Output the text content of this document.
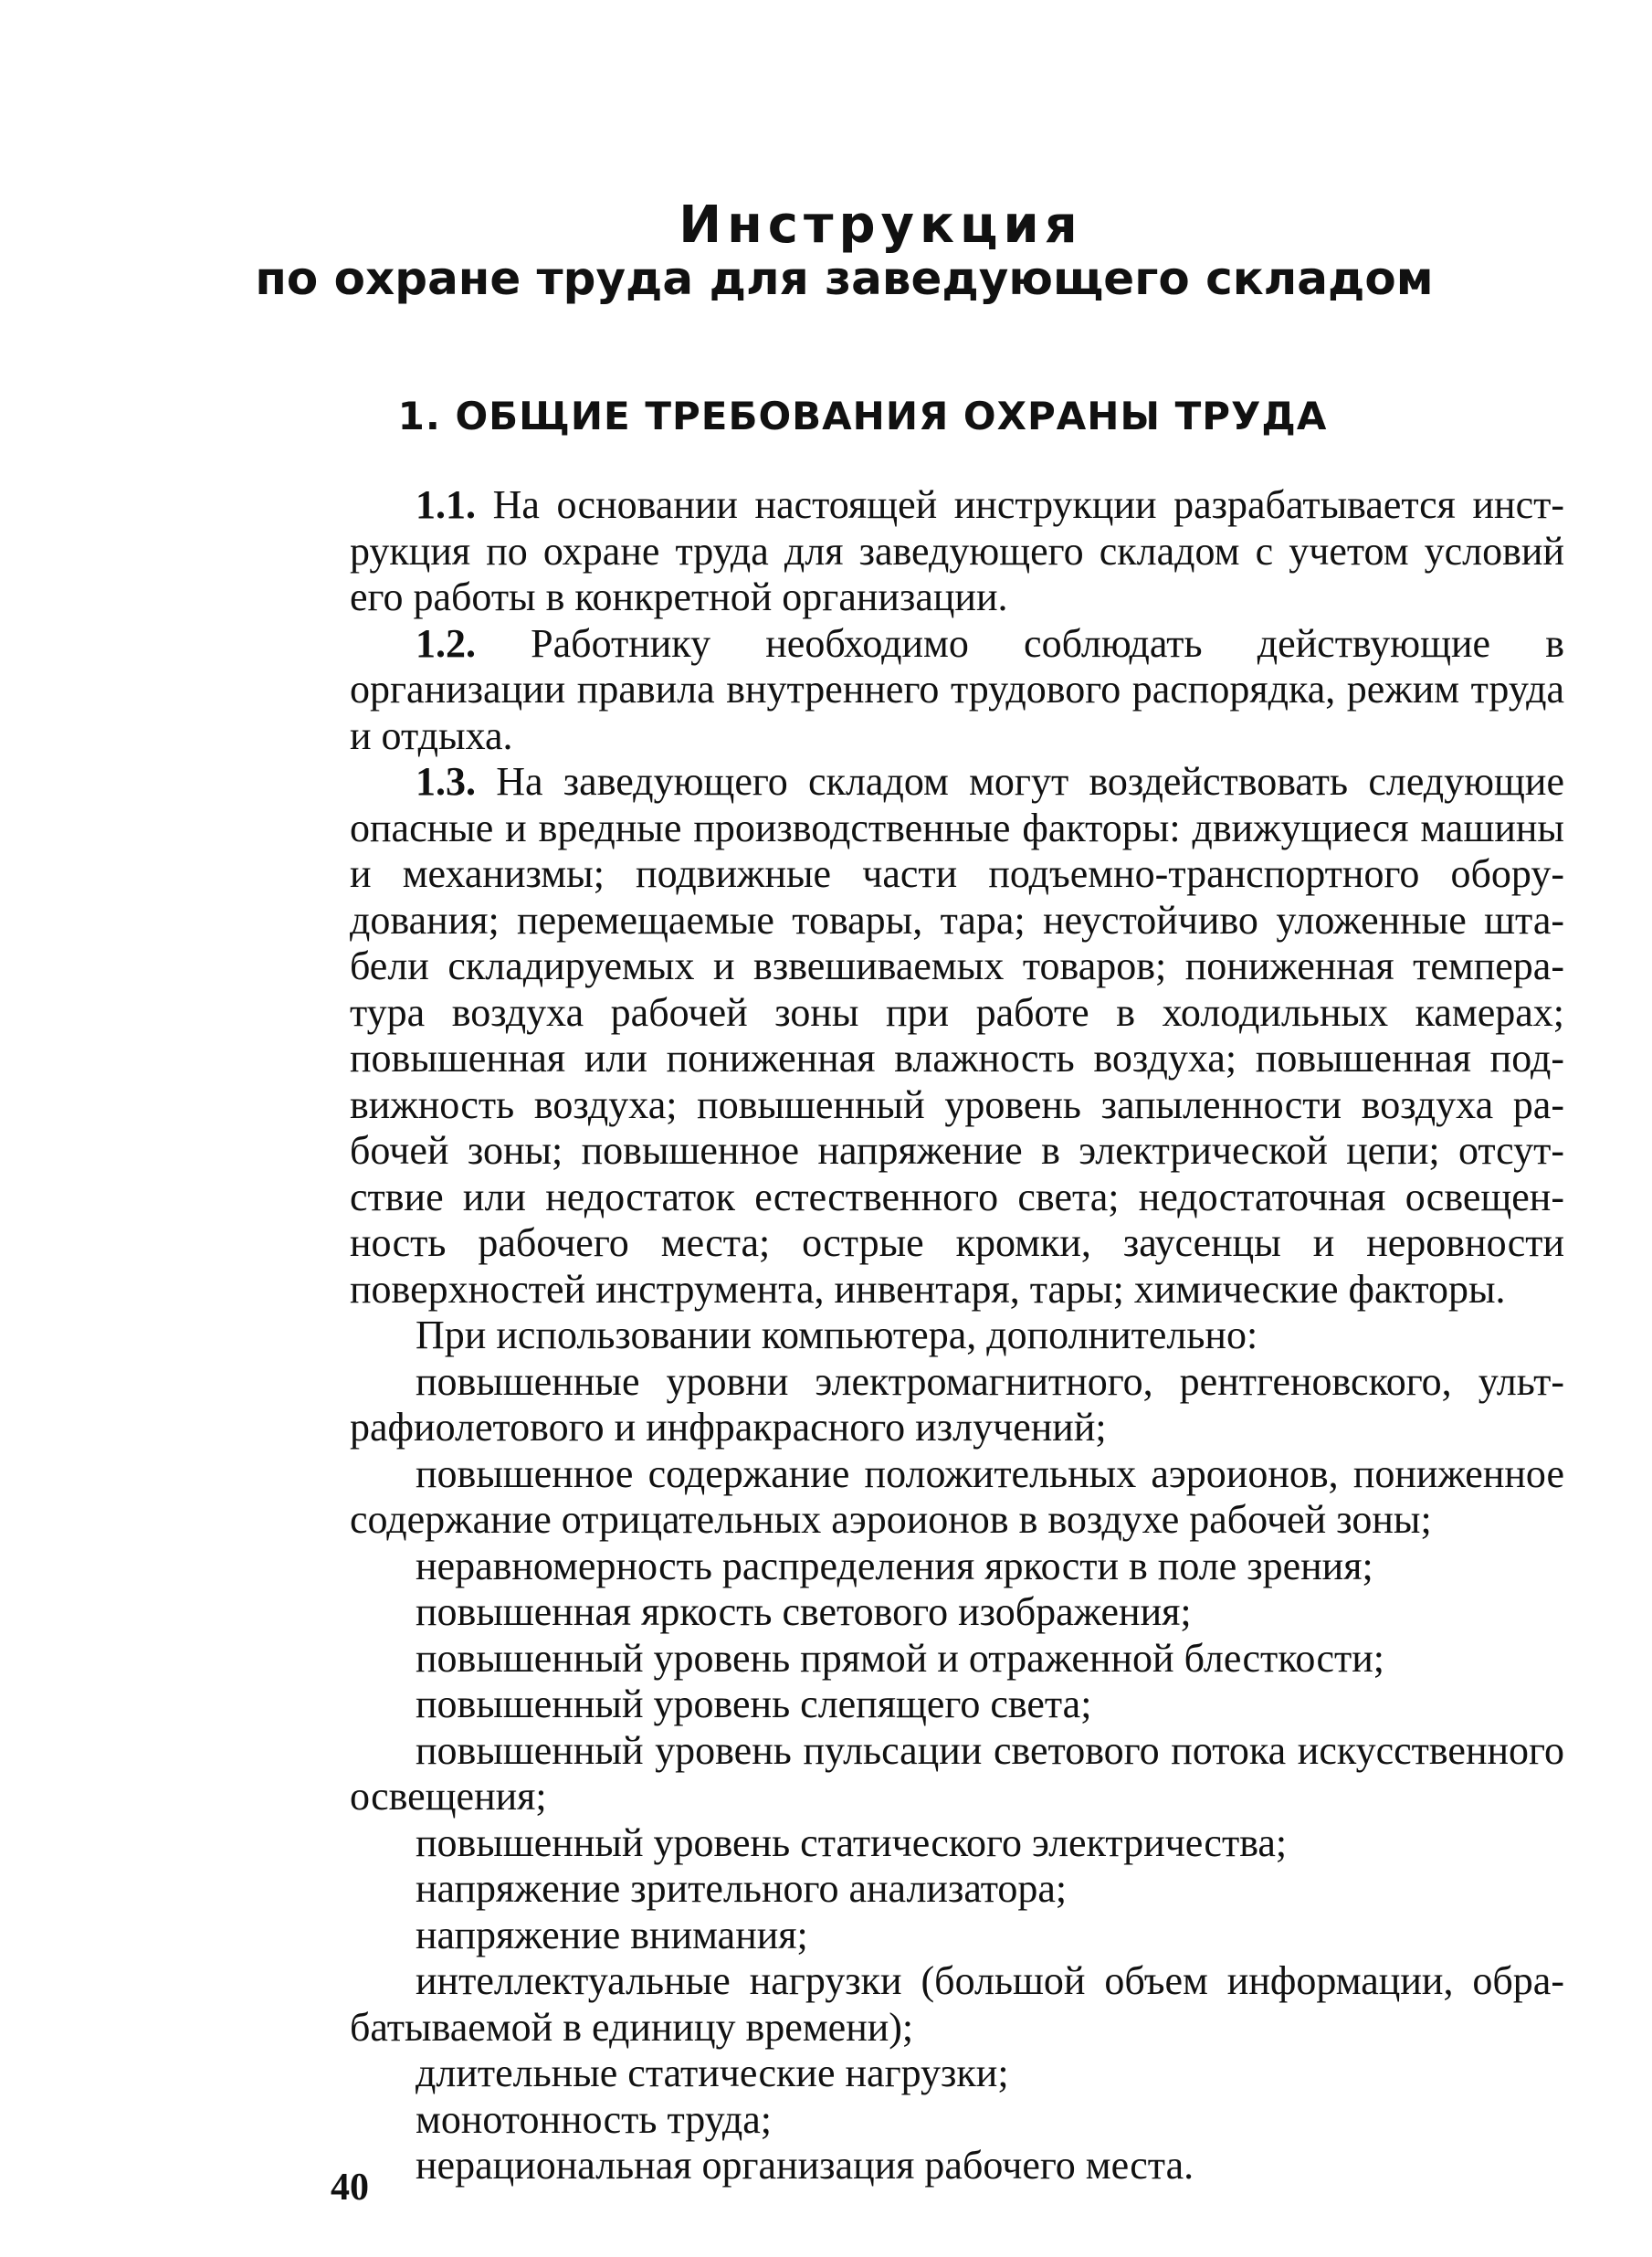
Инструкция
по охране труда для заведующего складом
1. ОБЩИЕ ТРЕБОВАНИЯ ОХРАНЫ ТРУДА

1.1. На основании настоящей инструкции разрабатывается инструкция по охране труда для заведующего складом с учетом условий его работы в конкретной организации.

1.2. Работнику необходимо соблюдать действующие в организации правила внутреннего трудового распорядка, режим труда и отдыха.

1.3. На заведующего складом могут воздействовать следующие опасные и вредные производственные факторы: движущиеся машины и механизмы; подвижные части подъемно-транспортного оборудования; перемещаемые товары, тара; неустойчиво уложенные штабели складируемых и взвешиваемых товаров; пониженная температура воздуха рабочей зоны при работе в холодильных камерах; повышенная или пониженная влажность воздуха; повышенная подвижность воздуха; повышенный уровень запыленности воздуха рабочей зоны; повышенное напряжение в электрической цепи; отсутствие или недостаток естественного света; недостаточная освещенность рабочего места; острые кромки, заусенцы и неровности поверхностей инструмента, инвентаря, тары; химические факторы.

При использовании компьютера, дополнительно:

повышенные уровни электромагнитного, рентгеновского, ультрафиолетового и инфракрасного излучений;

повышенное содержание положительных аэроионов, пониженное содержание отрицательных аэроионов в воздухе рабочей зоны;

неравномерность распределения яркости в поле зрения;

повышенная яркость светового изображения;

повышенный уровень прямой и отраженной блесткости;

повышенный уровень слепящего света;

повышенный уровень пульсации светового потока искусственного освещения;

повышенный уровень статического электричества;

напряжение зрительного анализатора;

напряжение внимания;

интеллектуальные нагрузки (большой объем информации, обрабатываемой в единицу времени);

длительные статические нагрузки;

монотонность труда;

нерациональная организация рабочего места.

40
